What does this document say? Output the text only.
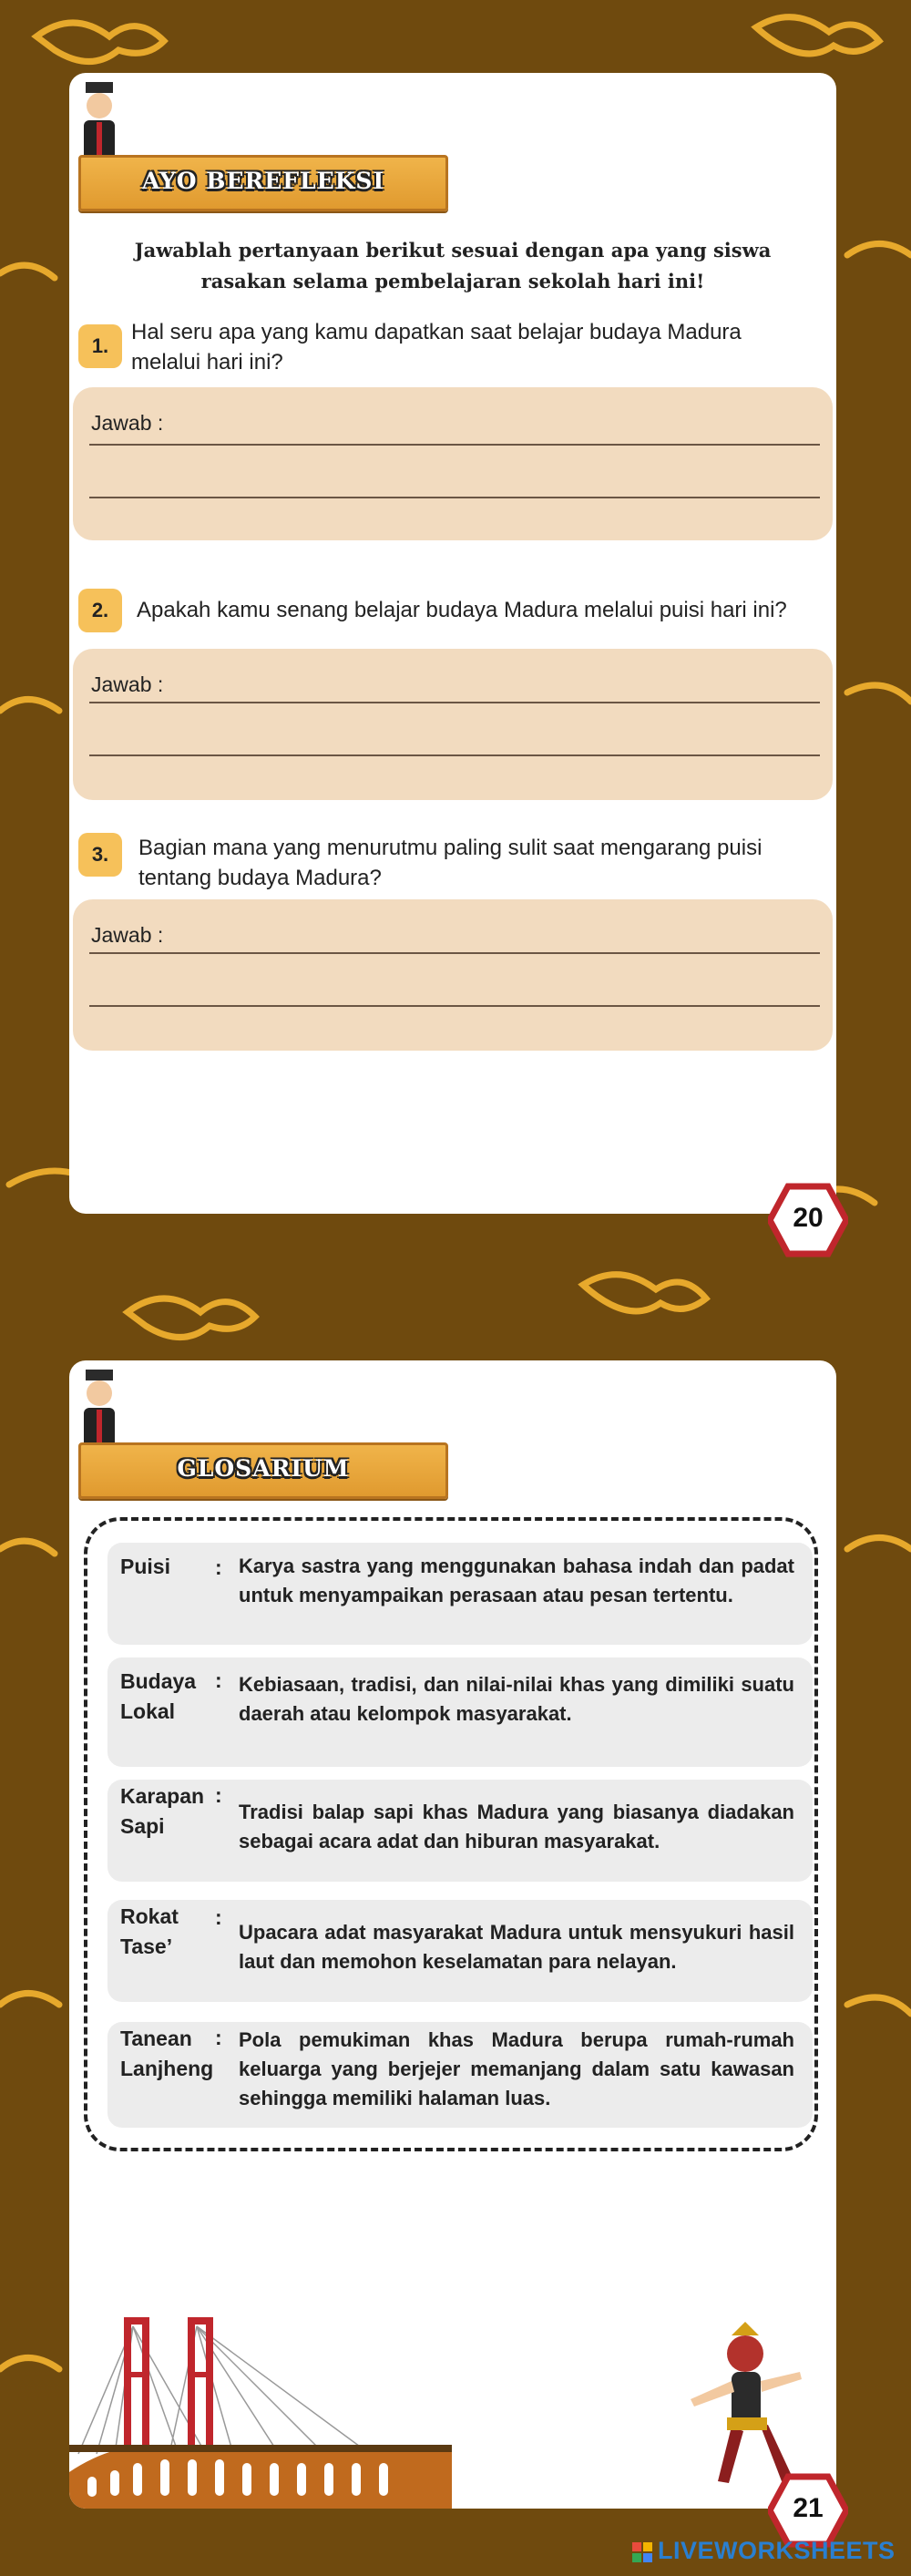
AYO BEREFLEKSI
Jawablah pertanyaan berikut sesuai dengan apa yang siswa
rasakan selama pembelajaran sekolah hari ini!
1.
Hal seru apa yang kamu dapatkan saat belajar budaya Madura
melalui hari ini?
Jawab :
2.	Apakah kamu senang belajar budaya Madura melalui puisi hari ini?
Jawab :
3.	Bagian mana yang menurutmu paling sulit saat mengarang puisi
tentang budaya Madura?
Jawab :
20
GLOSARIUM
Puisi : Karya sastra yang menggunakan bahasa indah dan padat untuk menyampaikan perasaan atau pesan tertentu.
Budaya
Lokal
: Kebiasaan, tradisi, dan nilai-nilai khas yang dimiliki suatu daerah atau kelompok masyarakat.
Karapan
Sapi
:
Tradisi balap sapi khas Madura yang biasanya diadakan sebagai acara adat dan hiburan masyarakat.
Rokat
Tase’
:
Upacara adat masyarakat Madura untuk mensyukuri hasil laut dan memohon keselamatan para nelayan.
Tanean
Lanjheng
: Pola pemukiman khas Madura berupa rumah-rumah keluarga yang berjejer memanjang dalam satu kawasan sehingga memiliki halaman luas.
21
LIVEWORKSHEETS
